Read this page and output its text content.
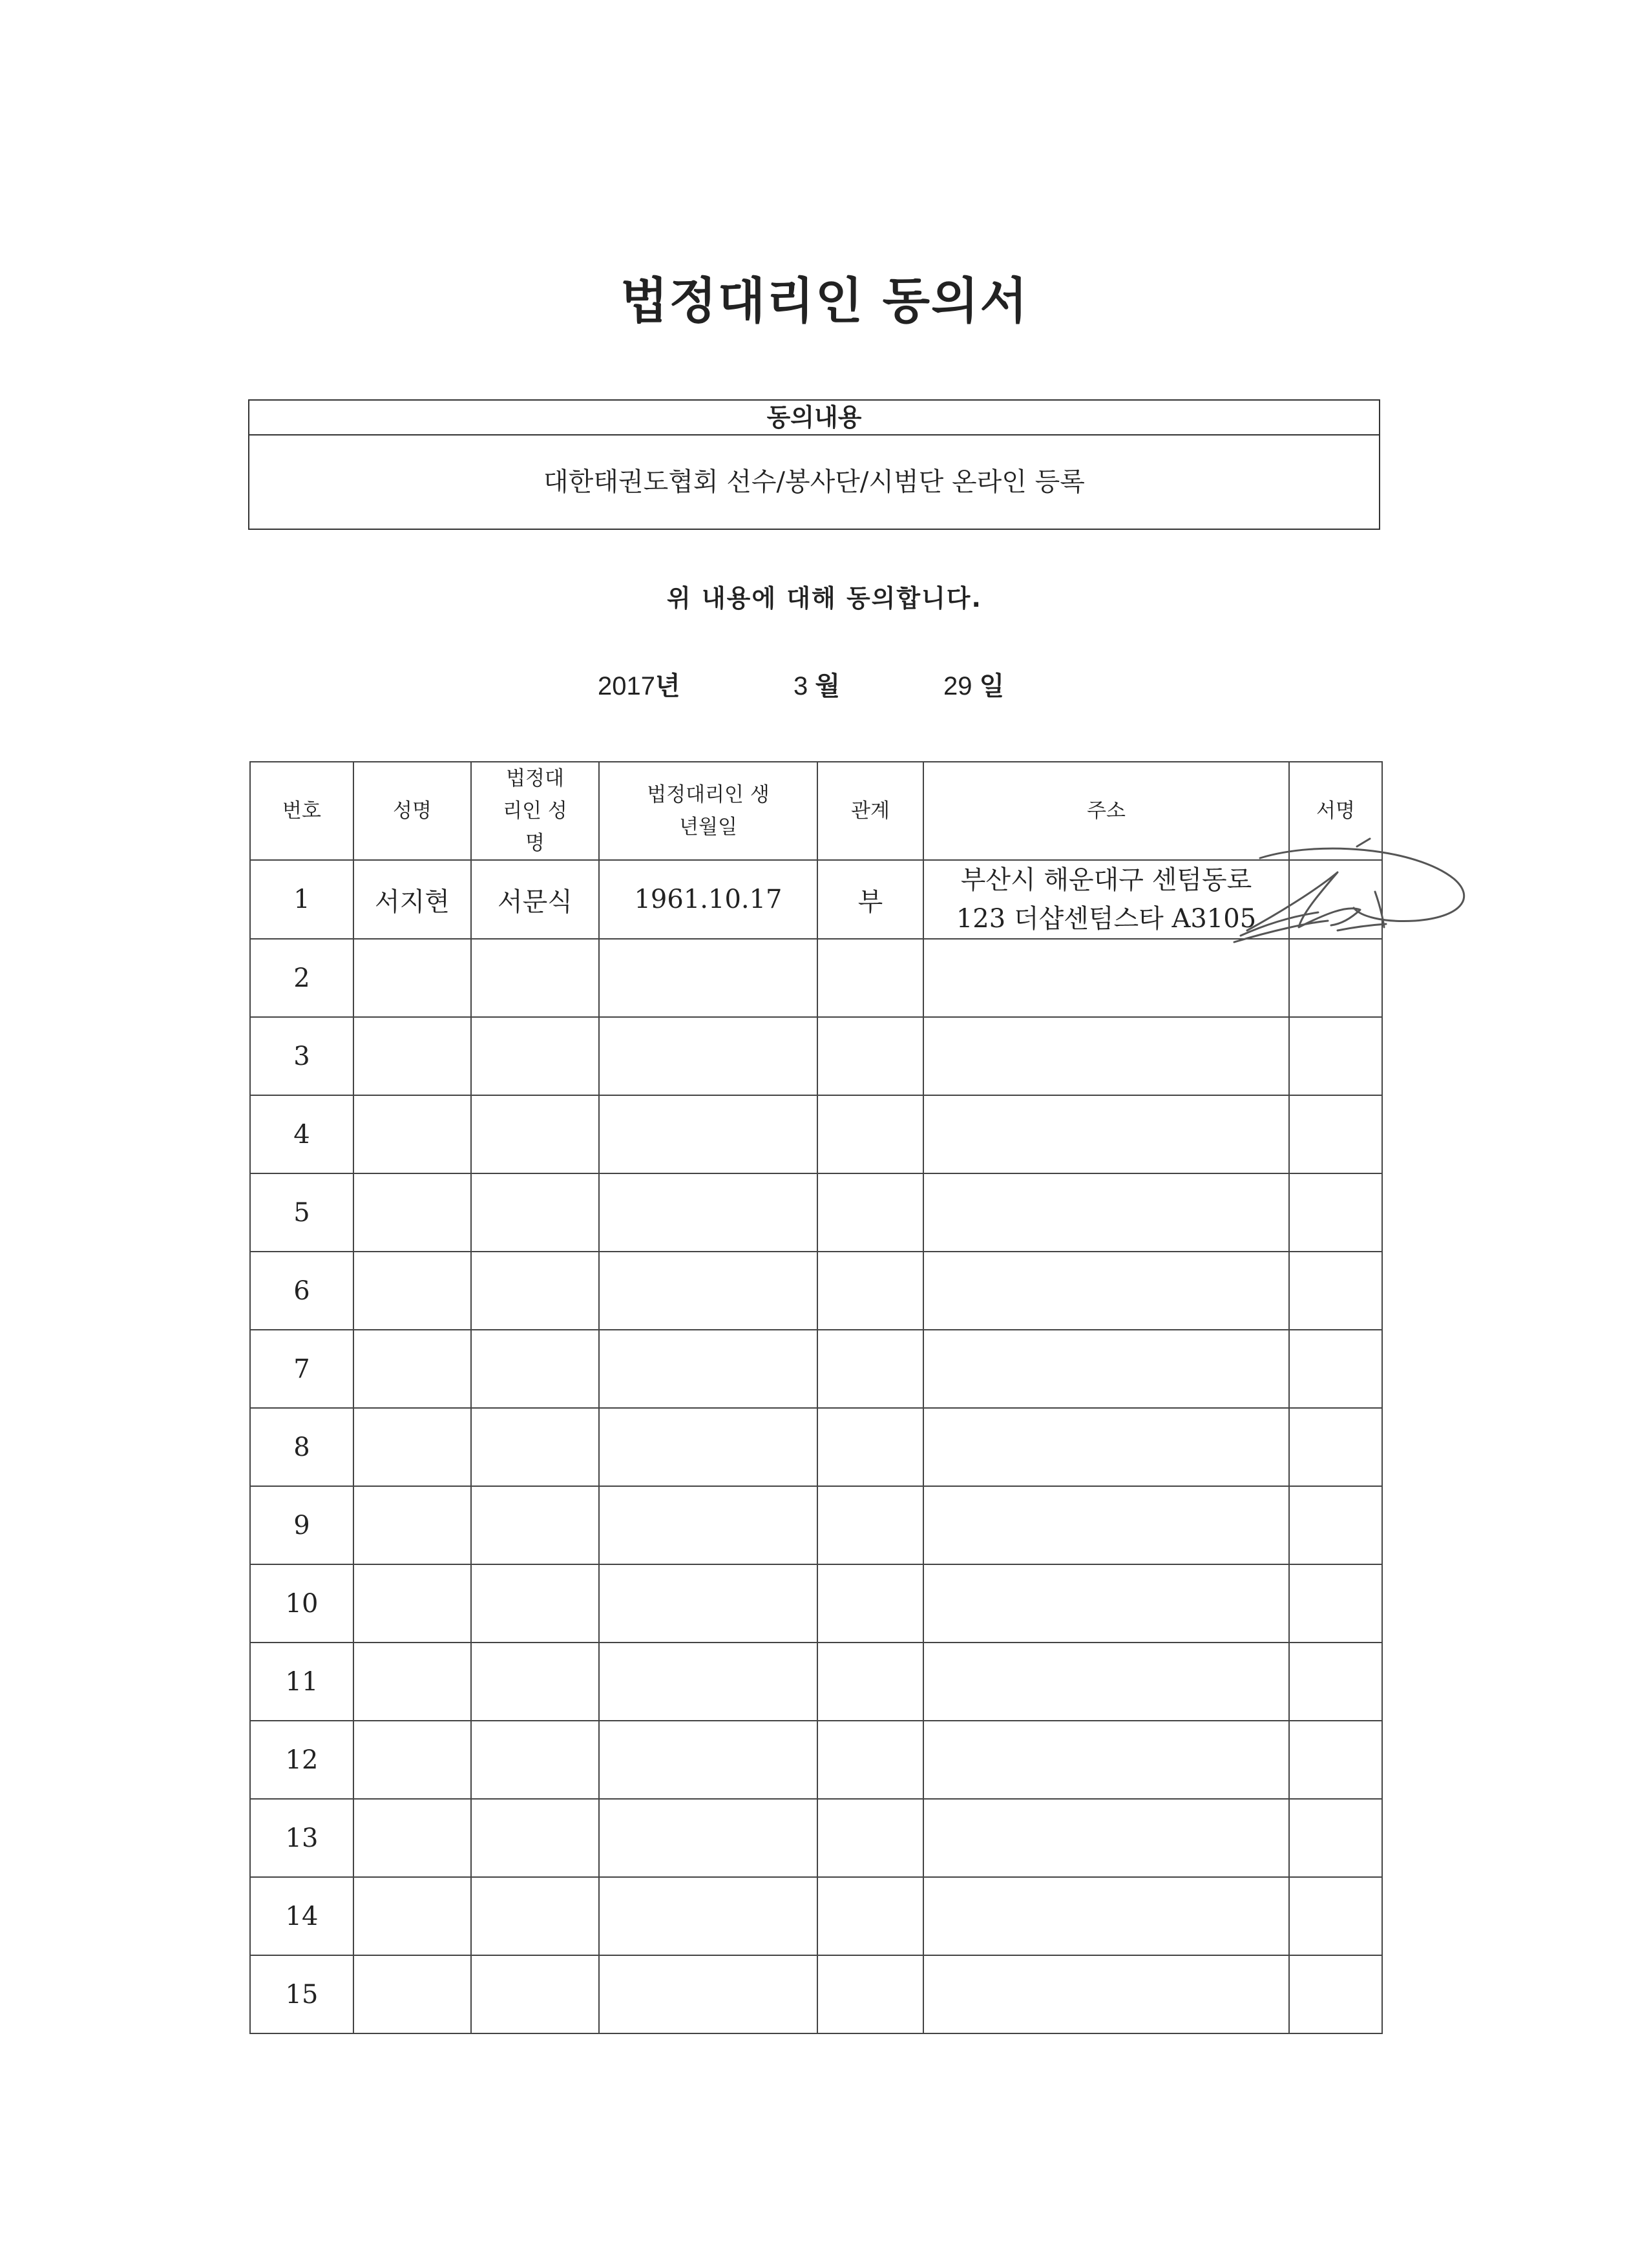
법정대리인 동의서
동의내용
대한태권도협회 선수/봉사단/시범단 온라인 등록
위 내용에 대해 동의합니다.
2017년	3 월	29 일
번호	성명	법정대리인 성명	법정대리인 생년월일	관계	주소	서명
1	서지현	서문식	1961.10.17	부	부산시 해운대구 센텀동로
123 더샵센텀스타 A3105	

2					

3					

4					

5					

6					

7					

8					

9					

10					

11					

12					

13					

14					

15					
